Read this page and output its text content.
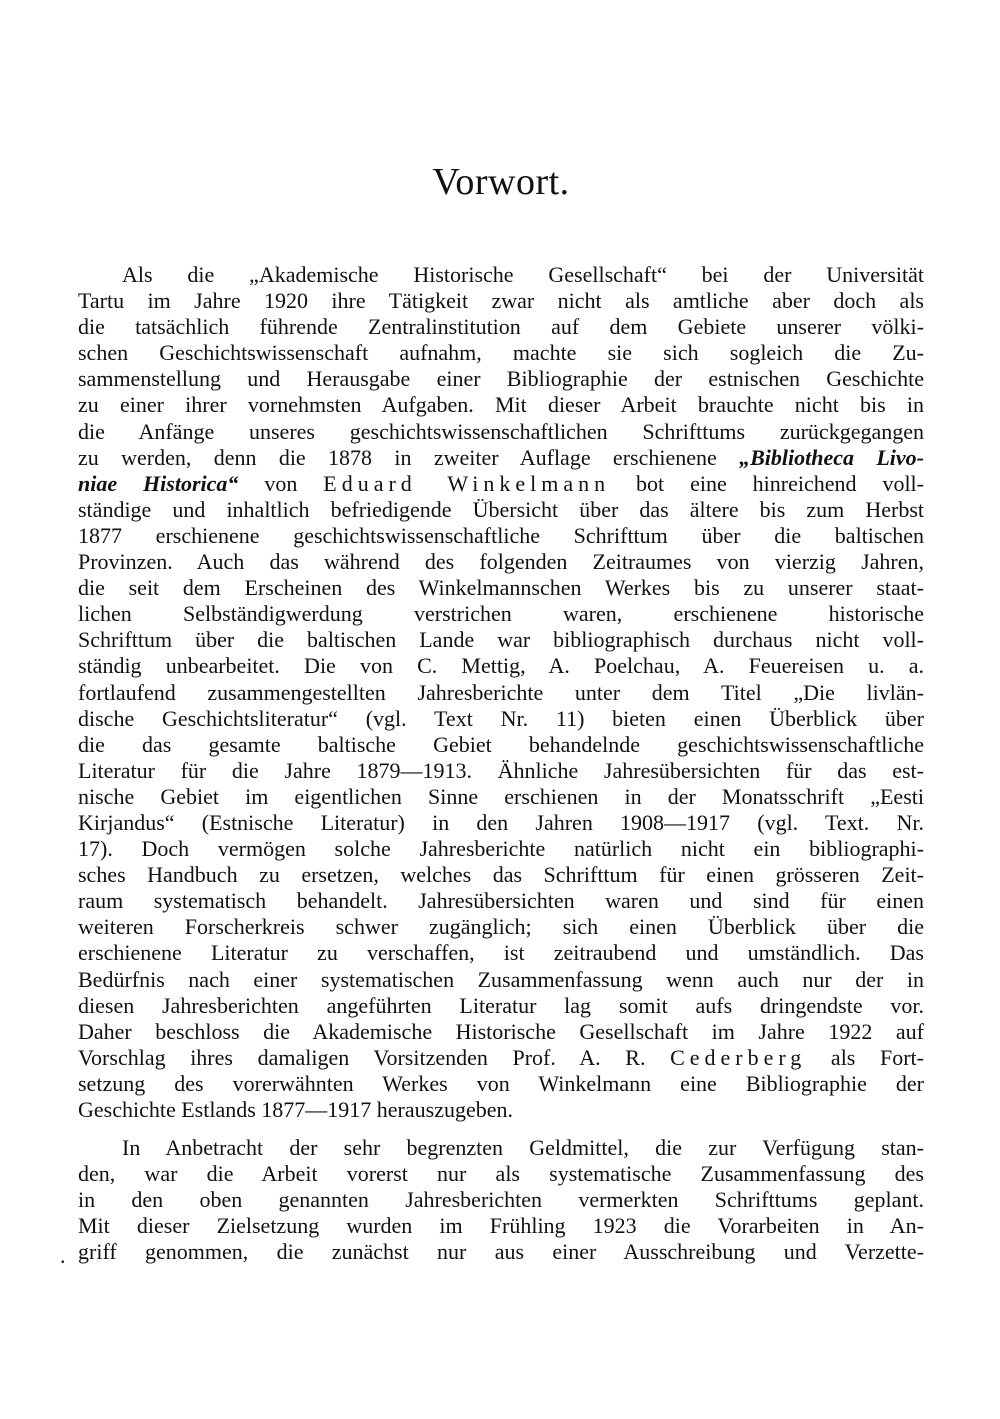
Vorwort.

Als die „Akademische Historische Gesellschaft“ bei der Universität
Tartu im Jahre 1920 ihre Tätigkeit zwar nicht als amtliche aber doch als
die tatsächlich führende Zentralinstitution auf dem Gebiete unserer völki-
schen Geschichtswissenschaft aufnahm, machte sie sich sogleich die Zu-
sammenstellung und Herausgabe einer Bibliographie der estnischen Geschichte
zu einer ihrer vornehmsten Aufgaben. Mit dieser Arbeit brauchte nicht bis in
die Anfänge unseres geschichtswissenschaftlichen Schrifttums zurückgegangen
zu werden, denn die 1878 in zweiter Auflage erschienene „Bibliotheca Livo-
niae Historica“ von Eduard Winkelmann bot eine hinreichend voll-
ständige und inhaltlich befriedigende Übersicht über das ältere bis zum Herbst
1877 erschienene geschichtswissenschaftliche Schrifttum über die baltischen
Provinzen. Auch das während des folgenden Zeitraumes von vierzig Jahren,
die seit dem Erscheinen des Winkelmannschen Werkes bis zu unserer staat-
lichen Selbständigwerdung verstrichen waren, erschienene historische
Schrifttum über die baltischen Lande war bibliographisch durchaus nicht voll-
ständig unbearbeitet. Die von C. Mettig, A. Poelchau, A. Feuereisen u. a.
fortlaufend zusammengestellten Jahresberichte unter dem Titel „Die livlän-
dische Geschichtsliteratur“ (vgl. Text Nr. 11) bieten einen Überblick über
die das gesamte baltische Gebiet behandelnde geschichtswissenschaftliche
Literatur für die Jahre 1879—1913. Ähnliche Jahresübersichten für das est-
nische Gebiet im eigentlichen Sinne erschienen in der Monatsschrift „Eesti
Kirjandus“ (Estnische Literatur) in den Jahren 1908—1917 (vgl. Text. Nr.
17). Doch vermögen solche Jahresberichte natürlich nicht ein bibliographi-
sches Handbuch zu ersetzen, welches das Schrifttum für einen grösseren Zeit-
raum systematisch behandelt. Jahresübersichten waren und sind für einen
weiteren Forscherkreis schwer zugänglich; sich einen Überblick über die
erschienene Literatur zu verschaffen, ist zeitraubend und umständlich. Das
Bedürfnis nach einer systematischen Zusammenfassung wenn auch nur der in
diesen Jahresberichten angeführten Literatur lag somit aufs dringendste vor.
Daher beschloss die Akademische Historische Gesellschaft im Jahre 1922 auf
Vorschlag ihres damaligen Vorsitzenden Prof. A. R. Cederberg als Fort-
setzung des vorerwähnten Werkes von Winkelmann eine Bibliographie der
Geschichte Estlands 1877—1917 herauszugeben.

In Anbetracht der sehr begrenzten Geldmittel, die zur Verfügung stan-
den, war die Arbeit vorerst nur als systematische Zusammenfassung des
in den oben genannten Jahresberichten vermerkten Schrifttums geplant.
Mit dieser Zielsetzung wurden im Frühling 1923 die Vorarbeiten in An-
griff genommen, die zunächst nur aus einer Ausschreibung und Verzette-

.
